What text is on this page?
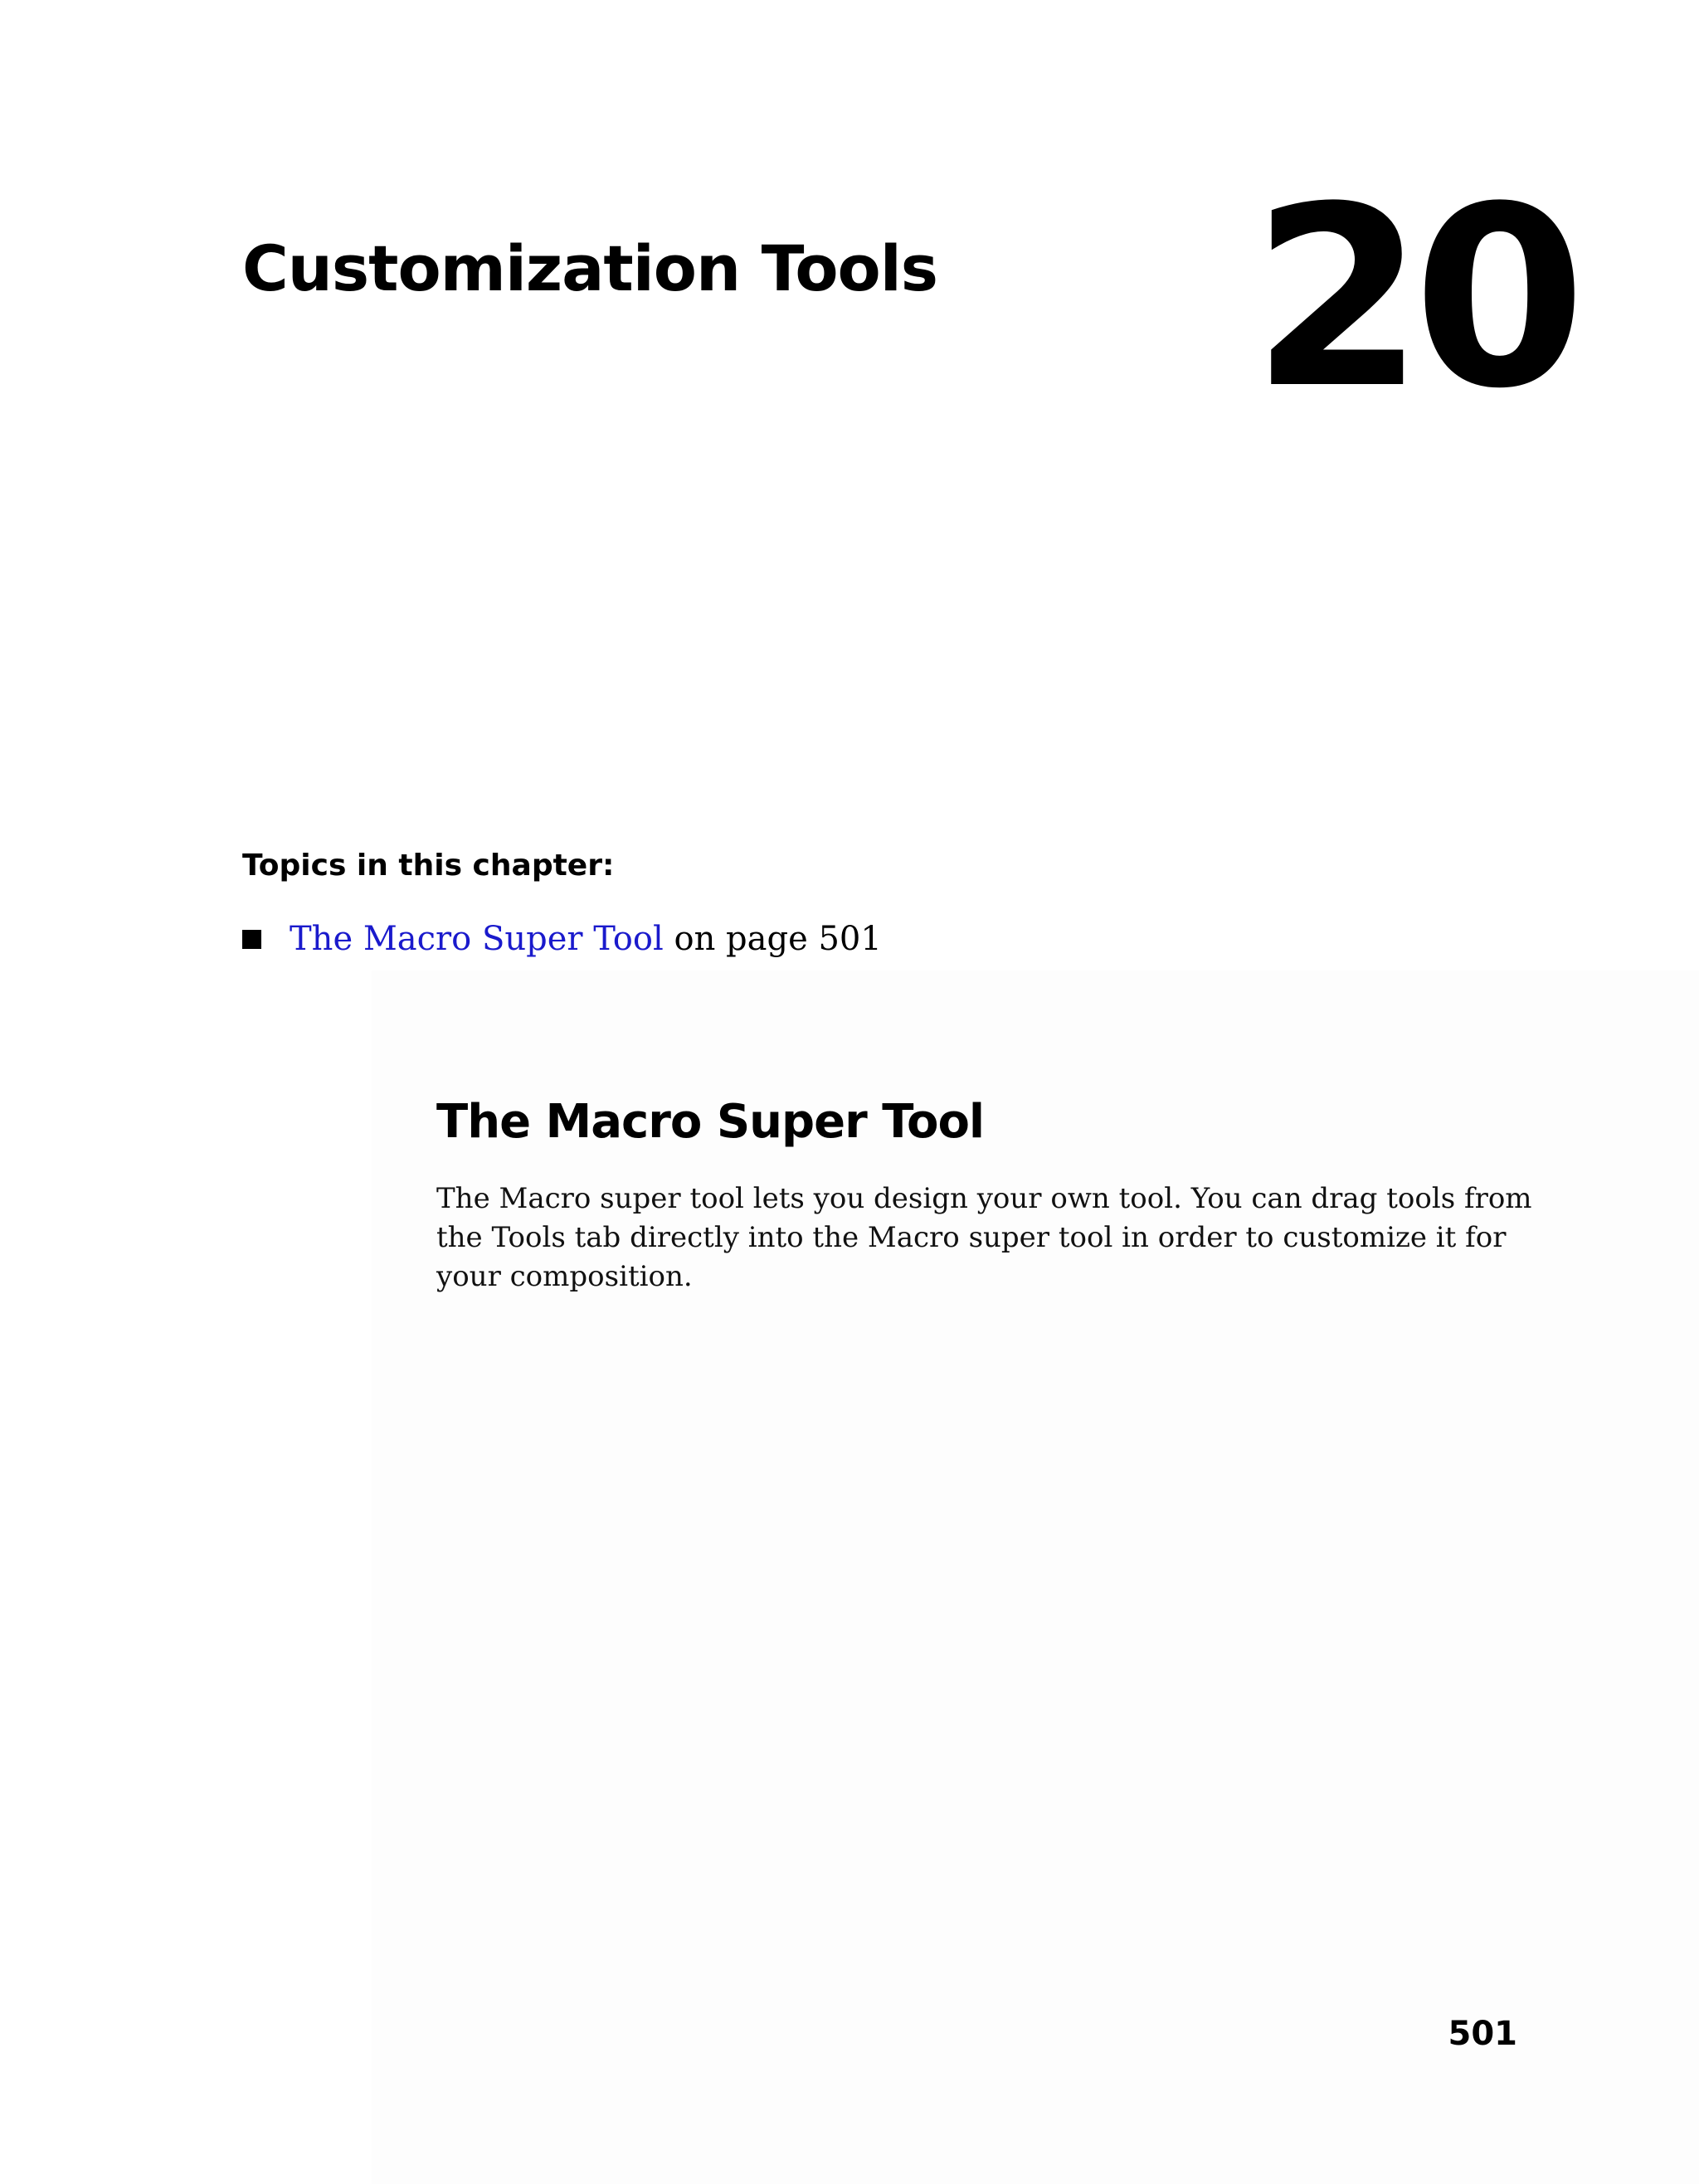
Customization Tools 20
Topics in this chapter:
The Macro Super Tool on page 501
The Macro Super Tool

The Macro super tool lets you design your own tool. You can drag tools from the Tools tab directly into the Macro super tool in order to customize it for your composition.

501
